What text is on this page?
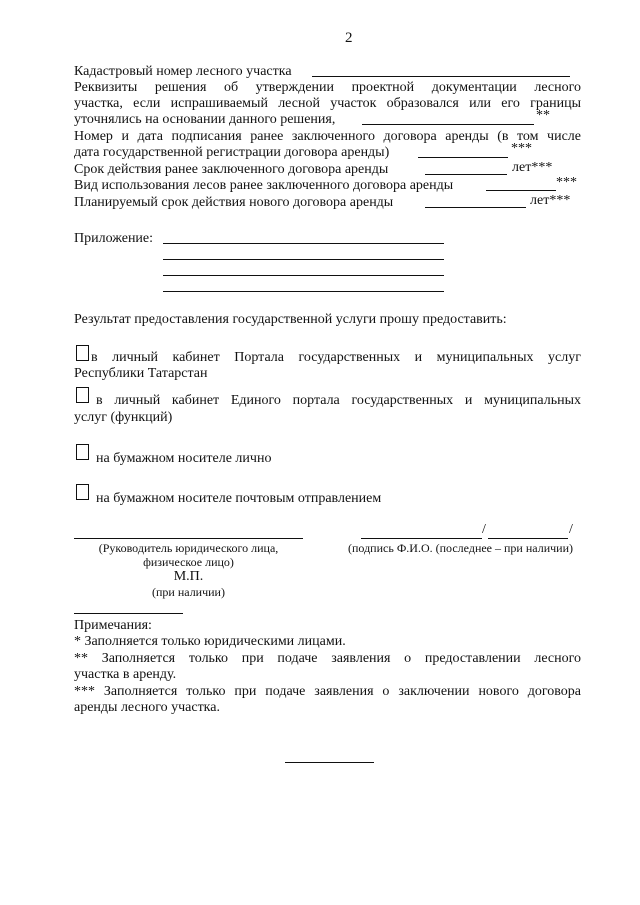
2
Кадастровый номер лесного участка
Реквизиты решения об утверждении проектной документации лесного
участка, если испрашиваемый лесной участок образовался или его границы
уточнялись на основании данного решения,	**
Номер и дата подписания ранее заключенного договора аренды (в том числе
дата государственной регистрации договора аренды)	***
Срок действия ранее заключенного договора аренды	лет***
Вид использования лесов ранее заключенного договора аренды	***
Планируемый срок действия нового договора аренды	лет***
Приложение:
Результат предоставления государственной услуги прошу предоставить:
в личный кабинет Портала государственных и муниципальных услуг
Республики Татарстан
в личный кабинет Единого портала государственных и муниципальных
услуг (функций)
на бумажном носителе лично
на бумажном носителе почтовым отправлением
(Руководитель юридического лица,
физическое лицо)
М.П.
(при наличии)
/	/
(подпись Ф.И.О. (последнее – при наличии)
Примечания:
* Заполняется только юридическими лицами.
** Заполняется только при подаче заявления о предоставлении лесного
участка в аренду.
*** Заполняется только при подаче заявления о заключении нового договора
аренды лесного участка.
